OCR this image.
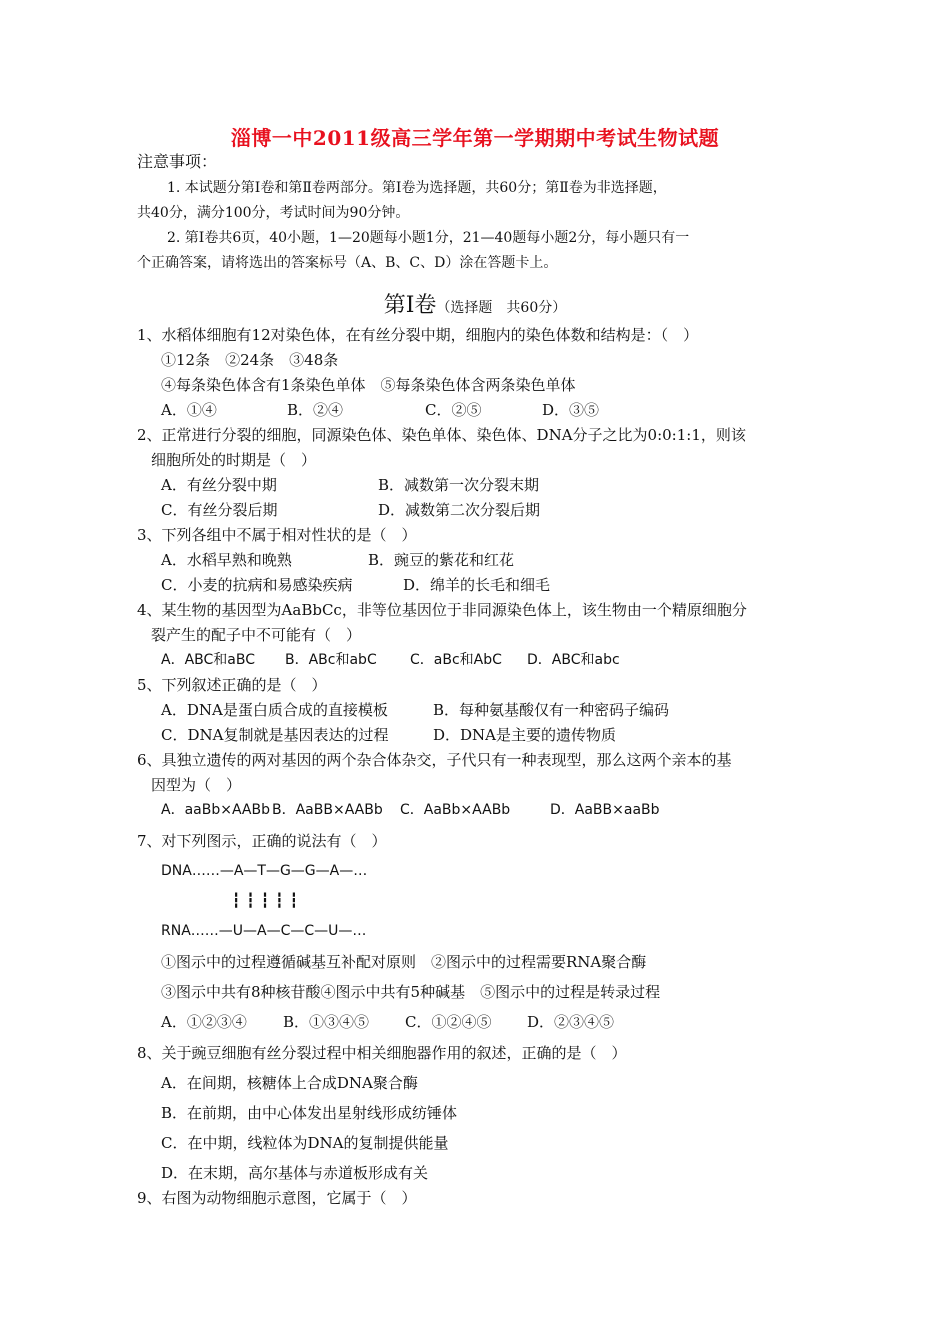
淄博一中2011级高三学年第一学期期中考试生物试题
注意事项：
1. 本试题分第Ⅰ卷和第Ⅱ卷两部分。第Ⅰ卷为选择题，共60分；第Ⅱ卷为非选择题，
共40分，满分100分，考试时间为90分钟。
2. 第Ⅰ卷共6页，40小题，1—20题每小题1分，21—40题每小题2分，每小题只有一
个正确答案，请将选出的答案标号（A、B、C、D）涂在答题卡上。
第Ⅰ卷（选择题　共60分）
1、水稻体细胞有12对染色体，在有丝分裂中期，细胞内的染色体数和结构是：（　）
①12条　②24条　③48条
④每条染色体含有1条染色单体　⑤每条染色体含两条染色单体
A．①④	B．②④	C．②⑤	D．③⑤
2、正常进行分裂的细胞，同源染色体、染色单体、染色体、DNA分子之比为0:0:1:1，则该
细胞所处的时期是（　）
A．有丝分裂中期	B．减数第一次分裂末期
C．有丝分裂后期	D．减数第二次分裂后期
3、下列各组中不属于相对性状的是（　）
A．水稻早熟和晚熟	B．豌豆的紫花和红花
C．小麦的抗病和易感染疾病	D．绵羊的长毛和细毛
4、某生物的基因型为AaBbCc，非等位基因位于非同源染色体上，该生物由一个精原细胞分
裂产生的配子中不可能有（　）
A．ABC和aBC B．ABc和abC C．aBc和AbC D．ABC和abc
5、下列叙述正确的是（　）
A．DNA是蛋白质合成的直接模板	B．每种氨基酸仅有一种密码子编码
C．DNA复制就是基因表达的过程	D．DNA是主要的遗传物质
6、具独立遗传的两对基因的两个杂合体杂交，子代只有一种表现型，那么这两个亲本的基
因型为（　）
A．aaBb×AABb B．AaBB×AABb C．AaBb×AABb	D．AaBB×aaBb
7、对下列图示，正确的说法有（　）
DNA……—A—T—G—G—A—…
┇┇┇┇┇
RNA……—U—A—C—C—U—…
①图示中的过程遵循碱基互补配对原则　②图示中的过程需要RNA聚合酶
③图示中共有8种核苷酸④图示中共有5种碱基　⑤图示中的过程是转录过程
A．①②③④ B．①③④⑤ C．①②④⑤ D．②③④⑤
8、关于豌豆细胞有丝分裂过程中相关细胞器作用的叙述，正确的是（　）
A．在间期，核糖体上合成DNA聚合酶
B．在前期，由中心体发出星射线形成纺锤体
C．在中期，线粒体为DNA的复制提供能量
D．在末期，高尔基体与赤道板形成有关
9、右图为动物细胞示意图，它属于（　）
